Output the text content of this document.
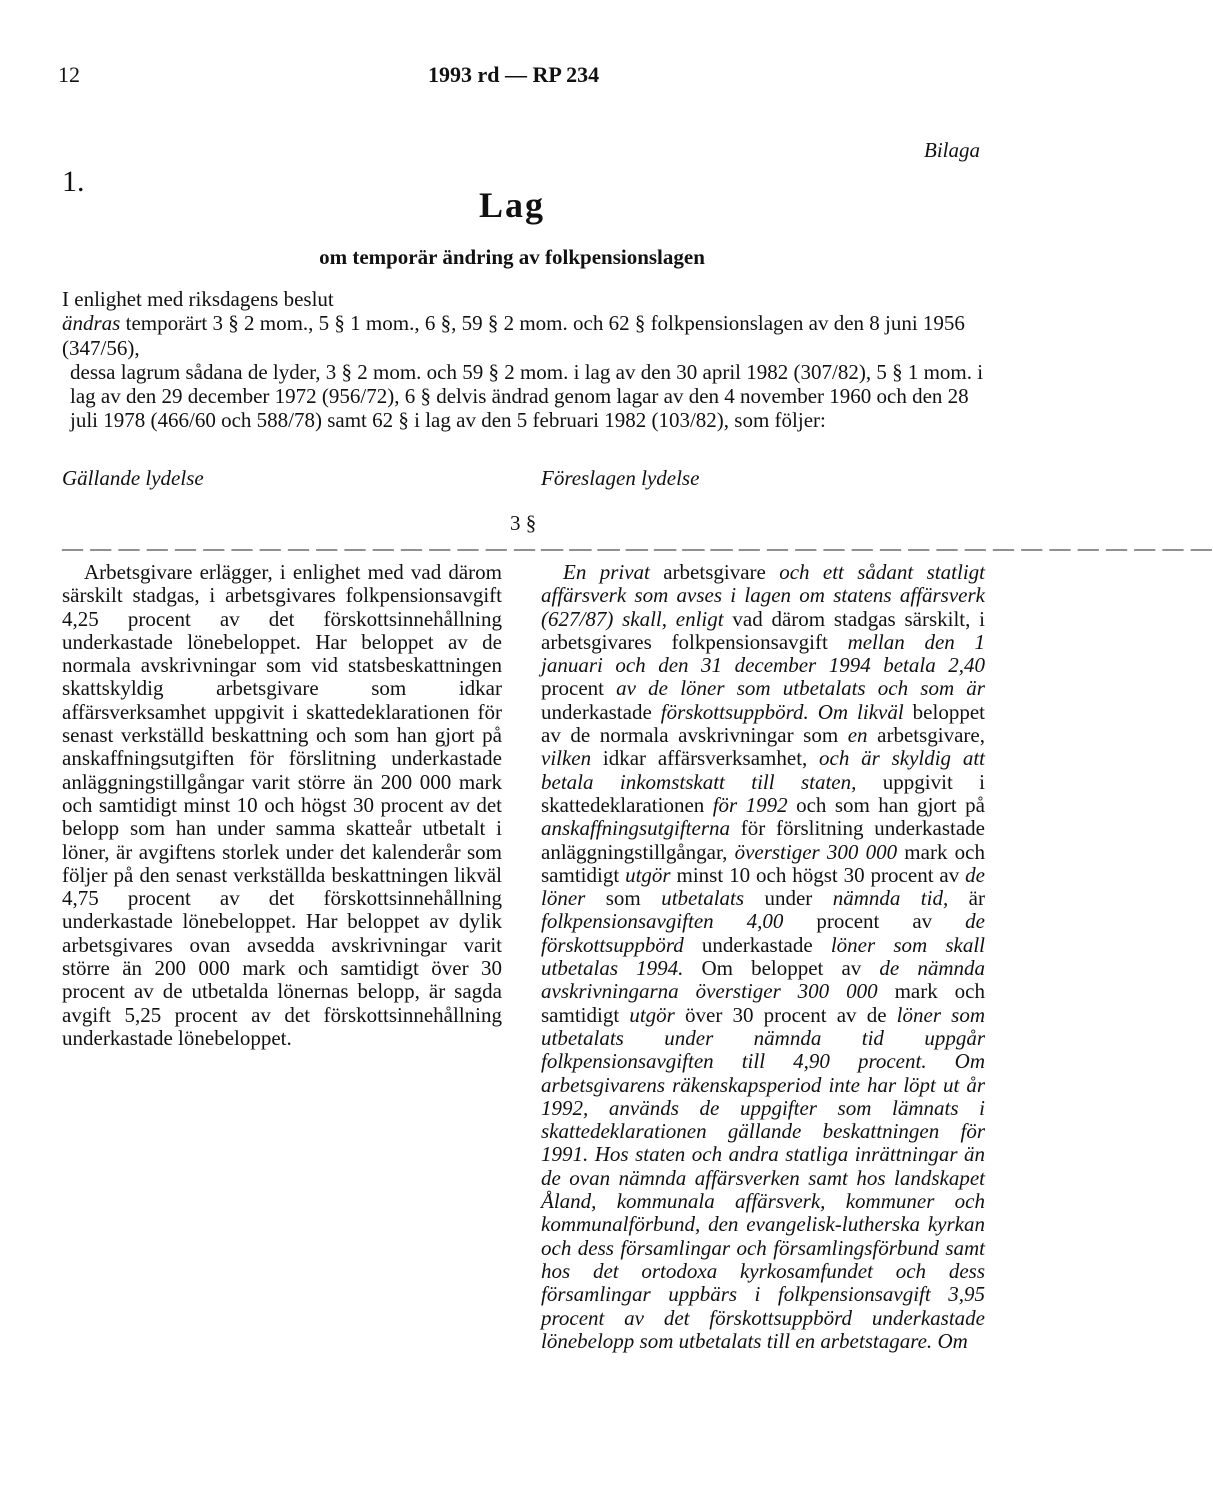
12	1993 rd — RP 234
Bilaga
1.
Lag
om temporär ändring av folkpensionslagen

I enlighet med riksdagens beslut

ändras temporärt 3 § 2 mom., 5 § 1 mom., 6 §, 59 § 2 mom. och 62 § folkpensionslagen av den 8 juni 1956 (347/56),

dessa lagrum sådana de lyder, 3 § 2 mom. och 59 § 2 mom. i lag av den 30 april 1982 (307/82), 5 § 1 mom. i lag av den 29 december 1972 (956/72), 6 § delvis ändrad genom lagar av den 4 november 1960 och den 28 juli 1978 (466/60 och 588/78) samt 62 § i lag av den 5 februari 1982 (103/82), som följer:

Gällande lydelse	Föreslagen lydelse
3 §
— — — — — — — — — — — — — — — — — — — — — — — —
— — — — — — — — — — — — — — — — — — — — — — — —

Arbetsgivare erlägger, i enlighet med vad därom särskilt stadgas, i arbetsgivares folkpensionsavgift 4,25 procent av det förskottsinnehållning underkastade lönebeloppet. Har beloppet av de normala avskrivningar som vid statsbeskattningen skattskyldig arbetsgivare som idkar affärsverksamhet uppgivit i skattedeklarationen för senast verkställd beskattning och som han gjort på anskaffningsutgiften för förslitning underkastade anläggningstillgångar varit större än 200 000 mark och samtidigt minst 10 och högst 30 procent av det belopp som han under samma skatteår utbetalt i löner, är avgiftens storlek under det kalenderår som följer på den senast verkställda beskattningen likväl 4,75 procent av det förskottsinnehållning underkastade lönebeloppet. Har beloppet av dylik arbetsgivares ovan avsedda avskrivningar varit större än 200 000 mark och samtidigt över 30 procent av de utbetalda lönernas belopp, är sagda avgift 5,25 procent av det förskottsinnehållning underkastade lönebeloppet.

En privat arbetsgivare och ett sådant statligt affärsverk som avses i lagen om statens affärsverk (627/87) skall, enligt vad därom stadgas särskilt, i arbetsgivares folkpensionsavgift mellan den 1 januari och den 31 december 1994 betala 2,40 procent av de löner som utbetalats och som är underkastade förskottsuppbörd. Om likväl beloppet av de normala avskrivningar som en arbetsgivare, vilken idkar affärsverksamhet, och är skyldig att betala inkomstskatt till staten, uppgivit i skattedeklarationen för 1992 och som han gjort på anskaffningsutgifterna för förslitning underkastade anläggningstillgångar, överstiger 300 000 mark och samtidigt utgör minst 10 och högst 30 procent av de löner som utbetalats under nämnda tid, är folkpensionsavgiften 4,00 procent av de förskottsuppbörd underkastade löner som skall utbetalas 1994. Om beloppet av de nämnda avskrivningarna överstiger 300 000 mark och samtidigt utgör över 30 procent av de löner som utbetalats under nämnda tid uppgår folkpensionsavgiften till 4,90 procent. Om arbetsgivarens räkenskapsperiod inte har löpt ut år 1992, används de uppgifter som lämnats i skattedeklarationen gällande beskattningen för 1991. Hos staten och andra statliga inrättningar än de ovan nämnda affärsverken samt hos landskapet Åland, kommunala affärsverk, kommuner och kommunalförbund, den evangelisk-lutherska kyrkan och dess församlingar och församlingsförbund samt hos det ortodoxa kyrkosamfundet och dess församlingar uppbärs i folkpensionsavgift 3,95 procent av det förskottsuppbörd underkastade lönebelopp som utbetalats till en arbetstagare. Om
